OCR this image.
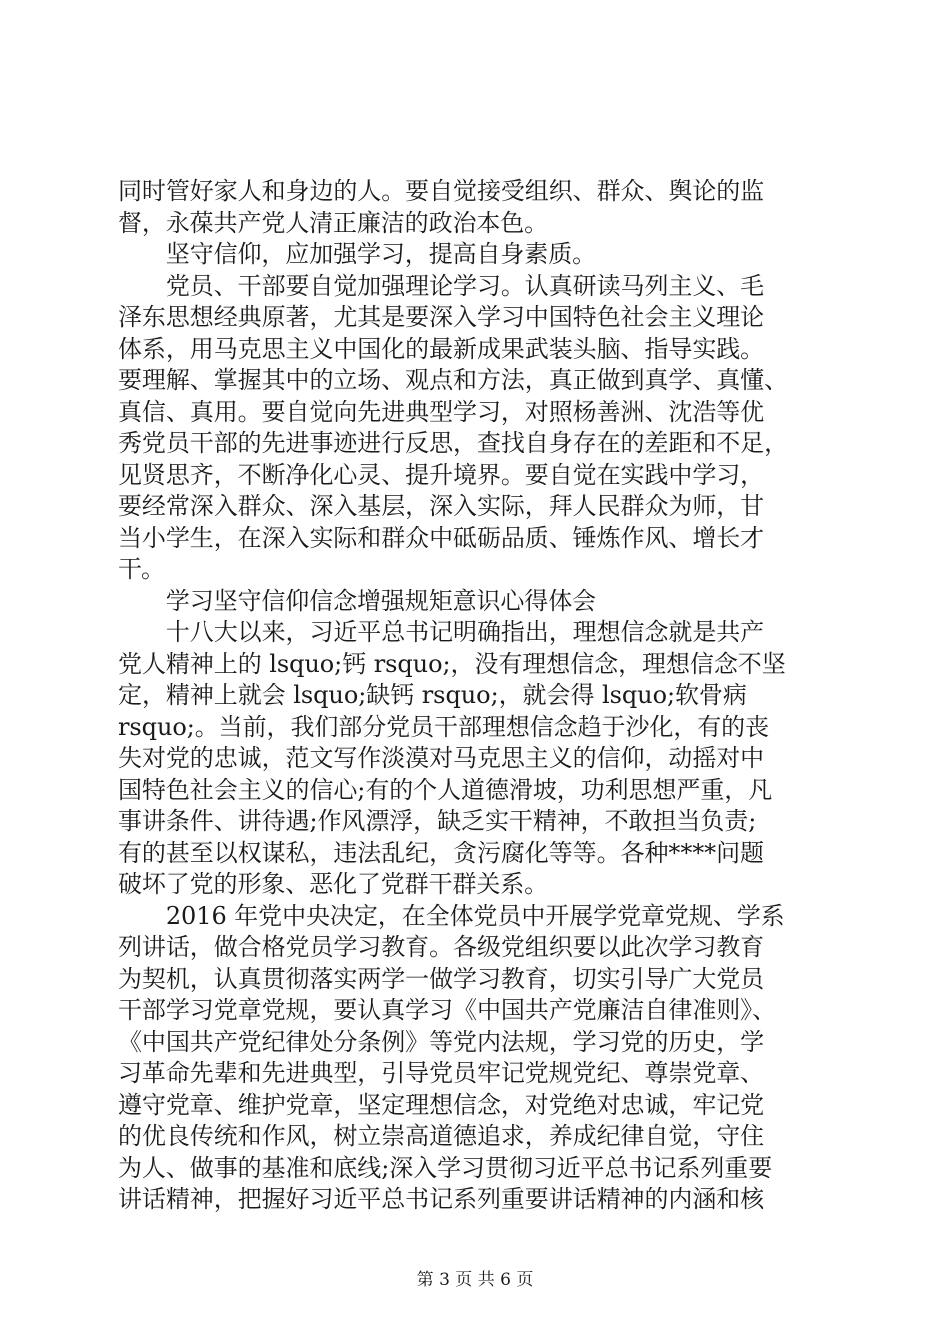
同时管好家人和身边的人。要自觉接受组织、群众、舆论的监
督，永葆共产党人清正廉洁的政治本色。
　　坚守信仰，应加强学习，提高自身素质。
　　党员、干部要自觉加强理论学习。认真研读马列主义、毛
泽东思想经典原著，尤其是要深入学习中国特色社会主义理论
体系，用马克思主义中国化的最新成果武装头脑、指导实践。
要理解、掌握其中的立场、观点和方法，真正做到真学、真懂、
真信、真用。要自觉向先进典型学习，对照杨善洲、沈浩等优
秀党员干部的先进事迹进行反思，查找自身存在的差距和不足，
见贤思齐，不断净化心灵、提升境界。要自觉在实践中学习，
要经常深入群众、深入基层，深入实际，拜人民群众为师，甘
当小学生，在深入实际和群众中砥砺品质、锤炼作风、增长才
干。
　　学习坚守信仰信念增强规矩意识心得体会
　　十八大以来，习近平总书记明确指出，理想信念就是共产
党人精神上的 lsquo;钙 rsquo;，没有理想信念，理想信念不坚
定，精神上就会 lsquo;缺钙 rsquo;，就会得 lsquo;软骨病
rsquo;。当前，我们部分党员干部理想信念趋于沙化，有的丧
失对党的忠诚，范文写作淡漠对马克思主义的信仰，动摇对中
国特色社会主义的信心;有的个人道德滑坡，功利思想严重，凡
事讲条件、讲待遇;作风漂浮，缺乏实干精神，不敢担当负责;
有的甚至以权谋私，违法乱纪，贪污腐化等等。各种****问题
破坏了党的形象、恶化了党群干群关系。
　　2016 年党中央决定，在全体党员中开展学党章党规、学系
列讲话，做合格党员学习教育。各级党组织要以此次学习教育
为契机，认真贯彻落实两学一做学习教育，切实引导广大党员
干部学习党章党规，要认真学习《中国共产党廉洁自律准则》、
《中国共产党纪律处分条例》等党内法规，学习党的历史，学
习革命先辈和先进典型，引导党员牢记党规党纪、尊崇党章、
遵守党章、维护党章，坚定理想信念，对党绝对忠诚，牢记党
的优良传统和作风，树立崇高道德追求，养成纪律自觉，守住
为人、做事的基准和底线;深入学习贯彻习近平总书记系列重要
讲话精神，把握好习近平总书记系列重要讲话精神的内涵和核
第 3 页 共 6 页
